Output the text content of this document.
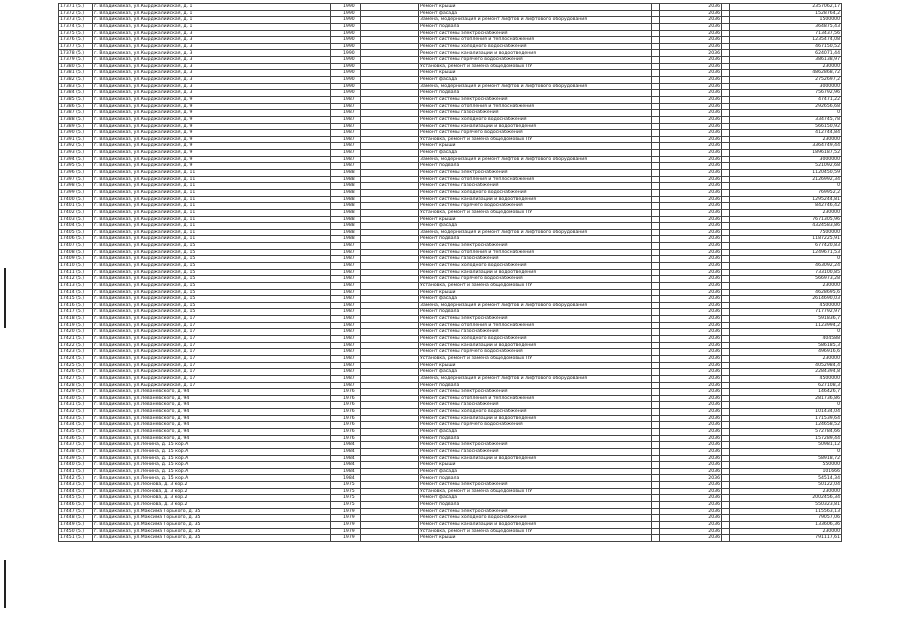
17371 (5.)	г. Владикавказ, ул.Кырджалийская, д. 1	1990		Ремонт крыши		2036		2357062,17
17372 (5.)	г. Владикавказ, ул.Кырджалийская, д. 1	1990		Ремонт фасада		2036		1528764,2
17373 (5.)	г. Владикавказ, ул.Кырджалийская, д. 1	1990		Замена, модернизация и ремонт лифтов и лифтового оборудования		2036		1500000
17374 (5.)	г. Владикавказ, ул.Кырджалийская, д. 1	1990		Ремонт подвала		2036		364875,43
17375 (5.)	г. Владикавказ, ул.Кырджалийская, д. 3	1990		Ремонт системы электроснабжения		2036		713437,56
17376 (5.)	г. Владикавказ, ул.Кырджалийская, д. 3	1990		Ремонт системы отопления и теплоснабжения		2036		1235474,08
17377 (5.)	г. Владикавказ, ул.Кырджалийская, д. 3	1990		Ремонт системы холодного водоснабжения		2036		467150,52
17378 (5.)	г. Владикавказ, ул.Кырджалийская, д. 3	1990		Ремонт системы канализации и водоотведения		2036		624071,44
17379 (5.)	г. Владикавказ, ул.Кырджалийская, д. 3	1990		Ремонт системы горячего водоснабжения		2036		386138,97
17380 (5.)	г. Владикавказ, ул.Кырджалийская, д. 3	1990		Установка, ремонт и замена общедомовых ПУ		2036		230000
17381 (5.)	г. Владикавказ, ул.Кырджалийская, д. 3	1990		Ремонт крыши		2036		4862868,72
17382 (5.)	г. Владикавказ, ул.Кырджалийская, д. 3	1990		Ремонт фасада		2036		2752697,2
17383 (5.)	г. Владикавказ, ул.Кырджалийская, д. 3	1990		Замена, модернизация и ремонт лифтов и лифтового оборудования		2036		3000000
17384 (5.)	г. Владикавказ, ул.Кырджалийская, д. 3	1990		Ремонт подвала		2036		756792,96
17385 (5.)	г. Владикавказ, ул.Кырджалийская, д. 9	1987		Ремонт системы электроснабжения		2036		47471,22
17386 (5.)	г. Владикавказ, ул.Кырджалийская, д. 9	1987		Ремонт системы отопления и теплоснабжения		2036		292656,68
17387 (5.)	г. Владикавказ, ул.Кырджалийская, д. 9	1987		Ремонт системы газоснабжения		2036		0
17388 (5.)	г. Владикавказ, ул.Кырджалийская, д. 9	1987		Ремонт системы холодного водоснабжения		2036		334745,78
17389 (5.)	г. Владикавказ, ул.Кырджалийская, д. 9	1987		Ремонт системы канализации и водоотведения		2036		566150,92
17390 (5.)	г. Владикавказ, ул.Кырджалийская, д. 9	1987		Ремонт системы горячего водоснабжения		2036		412744,84
17391 (5.)	г. Владикавказ, ул.Кырджалийская, д. 9	1987		Установка, ремонт и замена общедомовых ПУ		2036		230000
17392 (5.)	г. Владикавказ, ул.Кырджалийская, д. 9	1987		Ремонт крыши		2036		3364749,44
17393 (5.)	г. Владикавказ, ул.Кырджалийская, д. 9	1987		Ремонт фасада		2036		1896187,52
17394 (5.)	г. Владикавказ, ул.Кырджалийская, д. 9	1987		Замена, модернизация и ремонт лифтов и лифтового оборудования		2036		3000000
17395 (5.)	г. Владикавказ, ул.Кырджалийская, д. 9	1987		Ремонт подвала		2036		521092,68
17396 (5.)	г. Владикавказ, ул.Кырджалийская, д. 11	1988		Ремонт системы электроснабжения		2036		1120450,59
17397 (5.)	г. Владикавказ, ул.Кырджалийская, д. 11	1988		Ремонт системы отопления и теплоснабжения		2036		2126992,34
17398 (5.)	г. Владикавказ, ул.Кырджалийская, д. 11	1988		Ремонт системы газоснабжения		2036		0
17399 (5.)	г. Владикавказ, ул.Кырджалийская, д. 11	1988		Ремонт системы холодного водоснабжения		2036		769952,2
17400 (5.)	г. Владикавказ, ул.Кырджалийская, д. 11	1988		Ремонт системы канализации и водоотведения		2036		1295244,81
17401 (5.)	г. Владикавказ, ул.Кырджалийская, д. 11	1988		Ремонт системы горячего водоснабжения		2036		842746,42
17402 (5.)	г. Владикавказ, ул.Кырджалийская, д. 11	1988		Установка, ремонт и замена общедомовых ПУ		2036		230000
17403 (5.)	г. Владикавказ, ул.Кырджалийская, д. 11	1988		Ремонт крыши		2036		7671305,96
17404 (5.)	г. Владикавказ, ул.Кырджалийская, д. 11	1988		Ремонт фасада		2036		4324583,86
17405 (5.)	г. Владикавказ, ул.Кырджалийская, д. 11	1988		Замена, модернизация и ремонт лифтов и лифтового оборудования		2036		7500000
17406 (5.)	г. Владикавказ, ул.Кырджалийская, д. 11	1988		Ремонт подвала		2036		1187225,91
17407 (5.)	г. Владикавказ, ул.Кырджалийская, д. 15	1987		Ремонт системы электроснабжения		2036		677420,83
17408 (5.)	г. Владикавказ, ул.Кырджалийская, д. 15	1987		Ремонт системы отопления и теплоснабжения		2036		1249671,53
17409 (5.)	г. Владикавказ, ул.Кырджалийская, д. 15	1987		Ремонт системы газоснабжения		2036		0
17410 (5.)	г. Владикавказ, ул.Кырджалийская, д. 15	1987		Ремонт системы холодного водоснабжения		2036		463092,24
17411 (5.)	г. Владикавказ, ул.Кырджалийская, д. 15	1987		Ремонт системы канализации и водоотведения		2036		733100,85
17412 (5.)	г. Владикавказ, ул.Кырджалийская, д. 15	1987		Ремонт системы горячего водоснабжения		2036		566973,28
17413 (5.)	г. Владикавказ, ул.Кырджалийская, д. 15	1987		Установка, ремонт и замена общедомовых ПУ		2036		230000
17414 (5.)	г. Владикавказ, ул.Кырджалийская, д. 15	1987		Ремонт крыши		2036		4628695,6
17415 (5.)	г. Владикавказ, ул.Кырджалийская, д. 15	1987		Ремонт фасада		2036		2614690,03
17416 (5.)	г. Владикавказ, ул.Кырджалийская, д. 15	1987		Замена, модернизация и ремонт лифтов и лифтового оборудования		2036		4500000
17417 (5.)	г. Владикавказ, ул.Кырджалийская, д. 15	1987		Ремонт подвала		2036		717792,97
17418 (5.)	г. Владикавказ, ул.Кырджалийская, д. 17	1987		Ремонт системы электроснабжения		2036		591836,7
17419 (5.)	г. Владикавказ, ул.Кырджалийская, д. 17	1987		Ремонт системы отопления и теплоснабжения		2036		1123994,2
17420 (5.)	г. Владикавказ, ул.Кырджалийская, д. 17	1987		Ремонт системы газоснабжения		2036		0
17421 (5.)	г. Владикавказ, ул.Кырджалийская, д. 17	1987		Ремонт системы холодного водоснабжения		2036		404588
17422 (5.)	г. Владикавказ, ул.Кырджалийская, д. 17	1987		Ремонт системы канализации и водоотведения		2036		586185,3
17423 (5.)	г. Владикавказ, ул.Кырджалийская, д. 17	1987		Ремонт системы горячего водоснабжения		2036		496916,6
17424 (5.)	г. Владикавказ, ул.Кырджалийская, д. 17	1987		Установка, ремонт и замена общедомовых ПУ		2036		230000
17425 (5.)	г. Владикавказ, ул.Кырджалийская, д. 17	1987		Ремонт крыши		2036		4052984,4
17426 (5.)	г. Владикавказ, ул.Кырджалийская, д. 17	1987		Ремонт фасада		2036		2284394,8
17427 (5.)	г. Владикавказ, ул.Кырджалийская, д. 17	1987		Замена, модернизация и ремонт лифтов и лифтового оборудования		2036		4500000
17428 (5.)	г. Владикавказ, ул.Кырджалийская, д. 17	1987		Ремонт подвала		2036		627108,3
17429 (5.)	г. Владикавказ, ул.Леваневского, д. 94	1976		Ремонт системы электроснабжения		2036		146426,7
17430 (5.)	г. Владикавказ, ул.Леваневского, д. 94	1976		Ремонт системы отопления и теплоснабжения		2036		281736,86
17431 (5.)	г. Владикавказ, ул.Леваневского, д. 94	1976		Ремонт системы газоснабжения		2036		0
17432 (5.)	г. Владикавказ, ул.Леваневского, д. 94	1976		Ремонт системы холодного водоснабжения		2036		101434,04
17433 (5.)	г. Владикавказ, ул.Леваневского, д. 94	1976		Ремонт системы канализации и водоотведения		2036		171539,64
17434 (5.)	г. Владикавказ, ул.Леваневского, д. 94	1976		Ремонт системы горячего водоснабжения		2036		124658,52
17435 (5.)	г. Владикавказ, ул.Леваневского, д. 94	1976		Ремонт фасада		2036		572784,66
17436 (5.)	г. Владикавказ, ул.Леваневского, д. 94	1976		Ремонт подвала		2036		157289,44
17437 (5.)	г. Владикавказ, ул.Ленина, д. 15 кор.А	1984		Ремонт системы электроснабжения		2036		50981,12
17438 (5.)	г. Владикавказ, ул.Ленина, д. 15 кор.А	1984		Ремонт системы газоснабжения		2036		0
17439 (5.)	г. Владикавказ, ул.Ленина, д. 15 кор.А	1984		Ремонт системы канализации и водоотведения		2036		58918,72
17440 (5.)	г. Владикавказ, ул.Ленина, д. 15 кор.А	1984		Ремонт крыши		2036		550000
17441 (5.)	г. Владикавказ, ул.Ленина, д. 15 кор.А	1984		Ремонт фасада		2036		101666
17442 (5.)	г. Владикавказ, ул.Ленина, д. 15 кор.А	1984		Ремонт подвала		2036		54514,34
17443 (5.)	г. Владикавказ, ул.Леонова, д. 3 кор.2	1975		Ремонт системы электроснабжения		2036		50122,04
17444 (5.)	г. Владикавказ, ул.Леонова, д. 3 кор.2	1975		Установка, ремонт и замена общедомовых ПУ		2036		230000
17445 (5.)	г. Владикавказ, ул.Леонова, д. 3 кор.2	1975		Ремонт фасада		2036		2002456,34
17446 (5.)	г. Владикавказ, ул.Леонова, д. 3 кор.2	1975		Ремонт подвала		2036		550323,81
17447 (5.)	г. Владикавказ, ул.Максима Горького, д. 35	1979		Ремонт системы электроснабжения		2036		115563,13
17448 (5.)	г. Владикавказ, ул.Максима Горького, д. 35	1979		Ремонт системы холодного водоснабжения		2036		79057,06
17449 (5.)	г. Владикавказ, ул.Максима Горького, д. 35	1979		Ремонт системы канализации и водоотведения		2036		133606,36
17450 (5.)	г. Владикавказ, ул.Максима Горького, д. 35	1979		Установка, ремонт и замена общедомовых ПУ		2036		230000
17451 (5.)	г. Владикавказ, ул.Максима Горького, д. 35	1979		Ремонт крыши		2036		791117,61
